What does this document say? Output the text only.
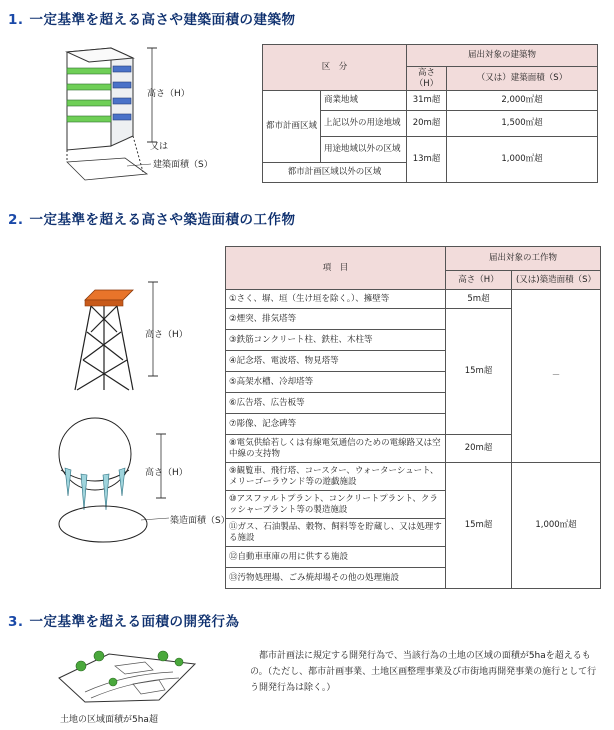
1. 一定基準を超える高さや建築面積の建築物
高さ（H）
又は
建築面積（S）
区　分		届出対象の建築物	
		高さ（H）	（又は）建築面積（S）
都市計画区域	商業地域	31m超	2,000㎡超
	上記以外の用途地域	20m超	1,500㎡超
	用途地域以外の区域	13m超	1,000㎡超
都市計画区域以外の区域			
2. 一定基準を超える高さや築造面積の工作物
高さ（H）
高さ（H）
築造面積（S）
項　目	届出対象の工作物	
	高さ（H）	(又は)築造面積（S）
①さく、塀、垣（生け垣を除く。）、擁壁等	5m超	－
②煙突、排気塔等	15m超	
③鉄筋コンクリート柱、鉄柱、木柱等		
④記念塔、電波塔、物見塔等		
⑤高架水槽、冷却塔等		
⑥広告塔、広告板等		
⑦彫像、記念碑等		
⑧電気供給若しくは有線電気通信のための電線路又は空中線の支持物	20m超	
⑨観覧車、飛行塔、コースター、ウォーターシュート、メリーゴーラウンド等の遊戯施設	15m超	1,000㎡超
⑩アスファルトプラント、コンクリートプラント、クラッシャープラント等の製造施設		
⑪ガス、石油製品、穀物、飼料等を貯蔵し、又は処理する施設		
⑫自動車車庫の用に供する施設		
⑬汚物処理場、ごみ焼却場その他の処理施設		
3. 一定基準を超える面積の開発行為
土地の区域面積が5ha超
都市計画法に規定する開発行為で、当該行為の土地の区域の面積が5haを超えるもの。（ただし、都市計画事業、土地区画整理事業及び市街地再開発事業の施行として行う開発行為は除く。）
